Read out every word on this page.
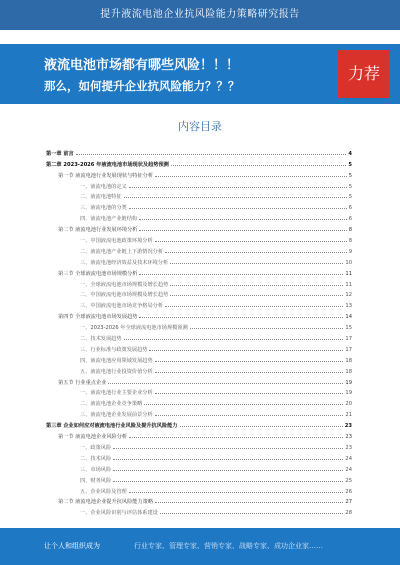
提升液流电池企业抗风险能力策略研究报告
液流电池市场都有哪些风险！！！
那么，如何提升企业抗风险能力？？？
力荐
内容目录
第一章 前言	4
第二章 2023-2026 年液流电池市场现状及趋势预测	5
第一节 液流电池行业发展现状与特征分析	5
一、液流电池的定义	5
二、液流电池特征	5
三、液流电池的分类	6
四、液流电池产业链结构	6
第二节 液流电池行业发展环境分析	8
一、中国液流电池政策环境分析	8
二、液流电池产业链上下游情况分析	9
三、液流电池经济效益及技术环境分析	10
第三节 全球液流电池市场规模分析	11
一、全球液流电池市场规模及增长趋势	11
二、中国液流电池市场规模及增长趋势	12
三、中国液流电池市场竞争格局分析	13
第四节 全球液流电池市场发展趋势	14
一、2023-2026 年全球液流电池市场规模预测	15
二、技术发展趋势	17
三、行业标准与政策发展趋势	17
四、液流电池应用领域发展趋势	18
五、液流电池行业投资价值分析	18
第五节 行业重点企业	19
一、液流电池行业主要企业分析	19
二、液流电池企业竞争策略	20
三、液流电池企业发展前景分析	21
第三章 企业如何应对液流电池行业风险及提升抗风险能力	23
第一节 液流电池企业风险分析	23
一、政策风险	23
二、技术风险	24
三、市场风险	24
四、财务风险	25
五、企业风险及管理	26
第二节 液流电池企业提升抗风险能力策略	27
一、企业风险识别与评估体系建设	28
让个人和组织成为	行业专家、管理专家、营销专家、战略专家、成功企业家……
